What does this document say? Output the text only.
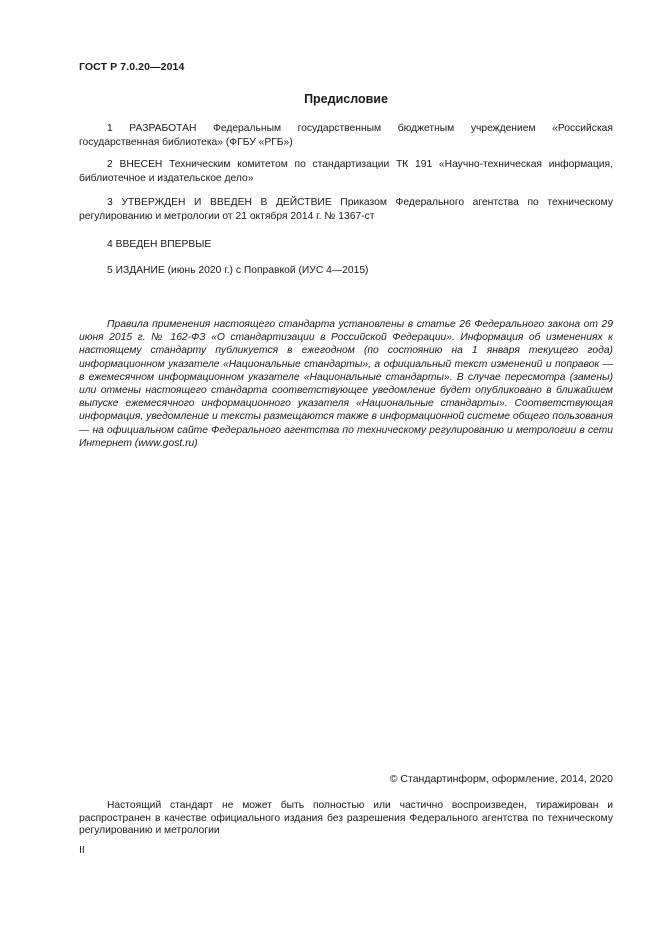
ГОСТ Р 7.0.20—2014
Предисловие
1 РАЗРАБОТАН Федеральным государственным бюджетным учреждением «Российская государственная библиотека» (ФГБУ «РГБ»)
2 ВНЕСЕН Техническим комитетом по стандартизации ТК 191 «Научно-техническая информация, библиотечное и издательское дело»
3 УТВЕРЖДЕН И ВВЕДЕН В ДЕЙСТВИЕ Приказом Федерального агентства по техническому регулированию и метрологии от 21 октября 2014 г. № 1367-ст
4 ВВЕДЕН ВПЕРВЫЕ
5 ИЗДАНИЕ (июнь 2020 г.) с Поправкой (ИУС 4—2015)
Правила применения настоящего стандарта установлены в статье 26 Федерального закона от 29 июня 2015 г. № 162-ФЗ «О стандартизации в Российской Федерации». Информация об изменениях к настоящему стандарту публикуется в ежегодном (по состоянию на 1 января текущего года) информационном указателе «Национальные стандарты», а официальный текст изменений и поправок — в ежемесячном информационном указателе «Национальные стандарты». В случае пересмотра (замены) или отмены настоящего стандарта соответствующее уведомление будет опубликовано в ближайшем выпуске ежемесячного информационного указателя «Национальные стандарты». Соответствующая информация, уведомление и тексты размещаются также в информационной системе общего пользования — на официальном сайте Федерального агентства по техническому регулированию и метрологии в сети Интернет (www.gost.ru)
© Стандартинформ, оформление, 2014, 2020
Настоящий стандарт не может быть полностью или частично воспроизведен, тиражирован и распространен в качестве официального издания без разрешения Федерального агентства по техническому регулированию и метрологии
II
